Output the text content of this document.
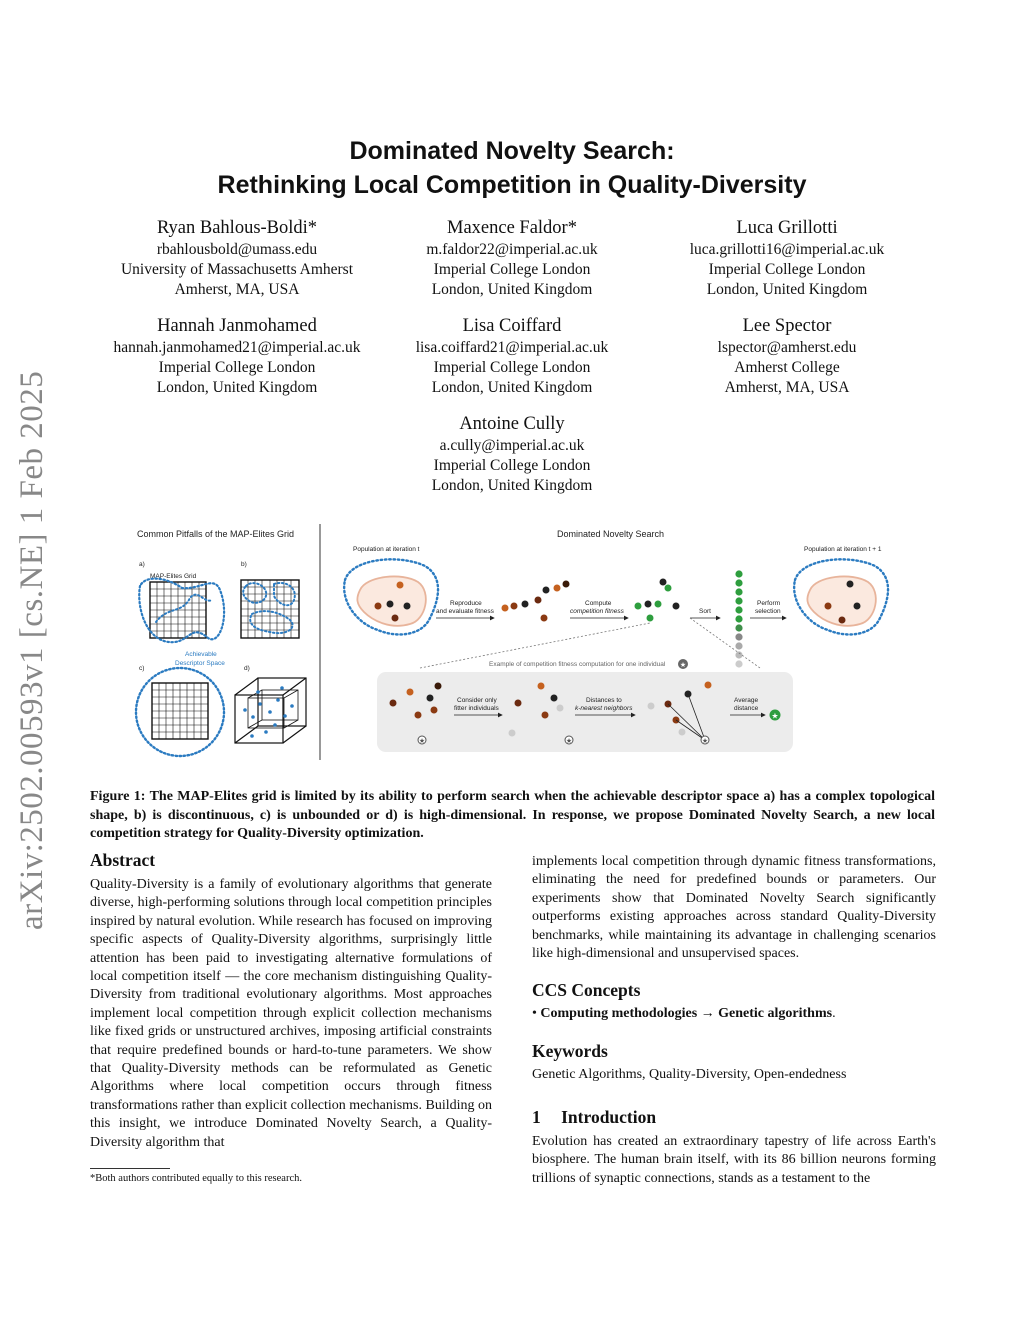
arXiv:2502.00593v1 [cs.NE] 1 Feb 2025
Dominated Novelty Search:
Rethinking Local Competition in Quality-Diversity
Ryan Bahlous-Boldi*
rbahlousbold@umass.edu
University of Massachusetts Amherst
Amherst, MA, USA
Maxence Faldor*
m.faldor22@imperial.ac.uk
Imperial College London
London, United Kingdom
Luca Grillotti
luca.grillotti16@imperial.ac.uk
Imperial College London
London, United Kingdom
Hannah Janmohamed
hannah.janmohamed21@imperial.ac.uk
Imperial College London
London, United Kingdom
Lisa Coiffard
lisa.coiffard21@imperial.ac.uk
Imperial College London
London, United Kingdom
Lee Spector
lspector@amherst.edu
Amherst College
Amherst, MA, USA
Antoine Cully
a.cully@imperial.ac.uk
Imperial College London
London, United Kingdom
Common Pitfalls of the MAP-Elites Grid
a)	b)
MAP-Elites Grid
Achievable
Descriptor Space
c)	d)
Dominated Novelty Search
Population at iteration t	Population at iteration t + 1
Reproduce
and evaluate fitness
Compute
competition fitness	Sort
Perform
selection
Example of competition fitness computation for one individual ★
★
Consider only
fitter individuals
★
Distances to
k-nearest neighbors
★
Average
distance
★
Figure 1: The MAP-Elites grid is limited by its ability to perform search when the achievable descriptor space a) has a complex topological shape, b) is discontinuous, c) is unbounded or d) is high-dimensional. In response, we propose Dominated Novelty Search, a new local competition strategy for Quality-Diversity optimization.
Abstract
Quality-Diversity is a family of evolutionary algorithms that generate diverse, high-performing solutions through local competition principles inspired by natural evolution. While research has focused on improving specific aspects of Quality-Diversity algorithms, surprisingly little attention has been paid to investigating alternative formulations of local competition itself — the core mechanism distinguishing Quality-Diversity from traditional evolutionary algorithms. Most approaches implement local competition through explicit collection mechanisms like fixed grids or unstructured archives, imposing artificial constraints that require predefined bounds or hard-to-tune parameters. We show that Quality-Diversity methods can be reformulated as Genetic Algorithms where local competition occurs through fitness transformations rather than explicit collection mechanisms. Building on this insight, we introduce Dominated Novelty Search, a Quality-Diversity algorithm that
*Both authors contributed equally to this research.
implements local competition through dynamic fitness transformations, eliminating the need for predefined bounds or parameters. Our experiments show that Dominated Novelty Search significantly outperforms existing approaches across standard Quality-Diversity benchmarks, while maintaining its advantage in challenging scenarios like high-dimensional and unsupervised spaces.
CCS Concepts
• Computing methodologies → Genetic algorithms.
Keywords
Genetic Algorithms, Quality-Diversity, Open-endedness
1 Introduction
Evolution has created an extraordinary tapestry of life across Earth's biosphere. The human brain itself, with its 86 billion neurons forming trillions of synaptic connections, stands as a testament to the
